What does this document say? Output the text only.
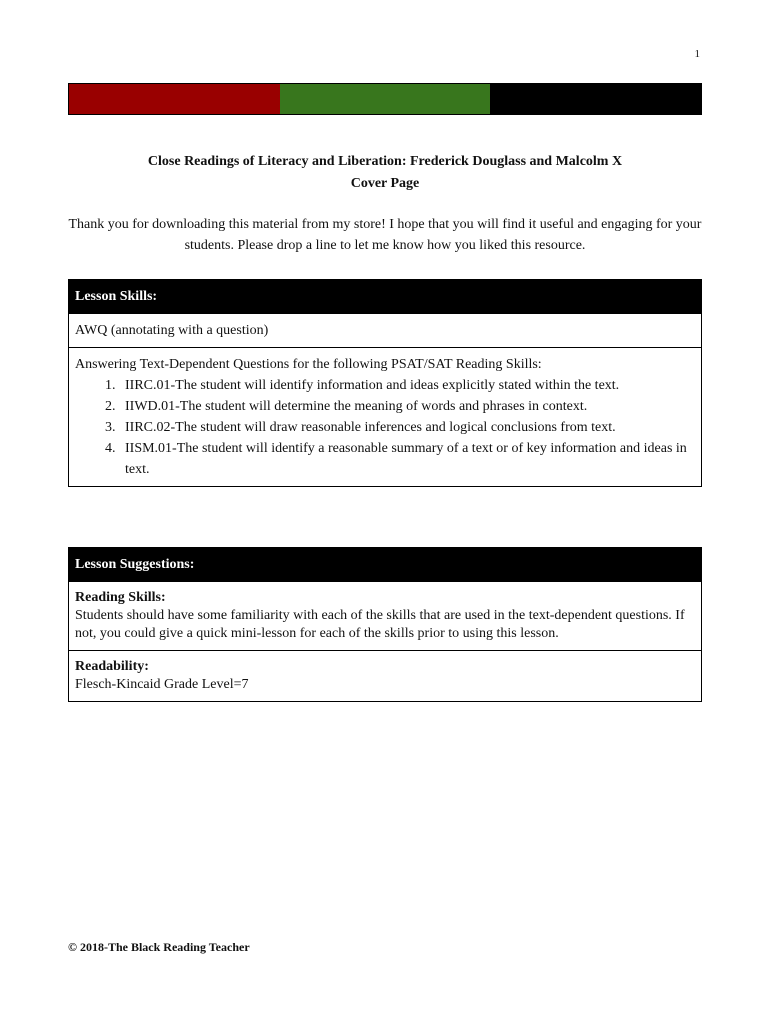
1
Close Readings of Literacy and Liberation: Frederick Douglass and Malcolm X
Cover Page
Thank you for downloading this material from my store! I hope that you will find it useful and engaging for your students. Please drop a line to let me know how you liked this resource.
Lesson Skills:
AWQ (annotating with a question)
Answering Text-Dependent Questions for the following PSAT/SAT Reading Skills:
1. IIRC.01-The student will identify information and ideas explicitly stated within the text.
2. IIWD.01-The student will determine the meaning of words and phrases in context.
3. IIRC.02-The student will draw reasonable inferences and logical conclusions from text.
4. IISM.01-The student will identify a reasonable summary of a text or of key information and ideas in text.
Lesson Suggestions:
Reading Skills:
Students should have some familiarity with each of the skills that are used in the text-dependent questions. If not, you could give a quick mini-lesson for each of the skills prior to using this lesson.
Readability:
Flesch-Kincaid Grade Level=7
© 2018-The Black Reading Teacher
